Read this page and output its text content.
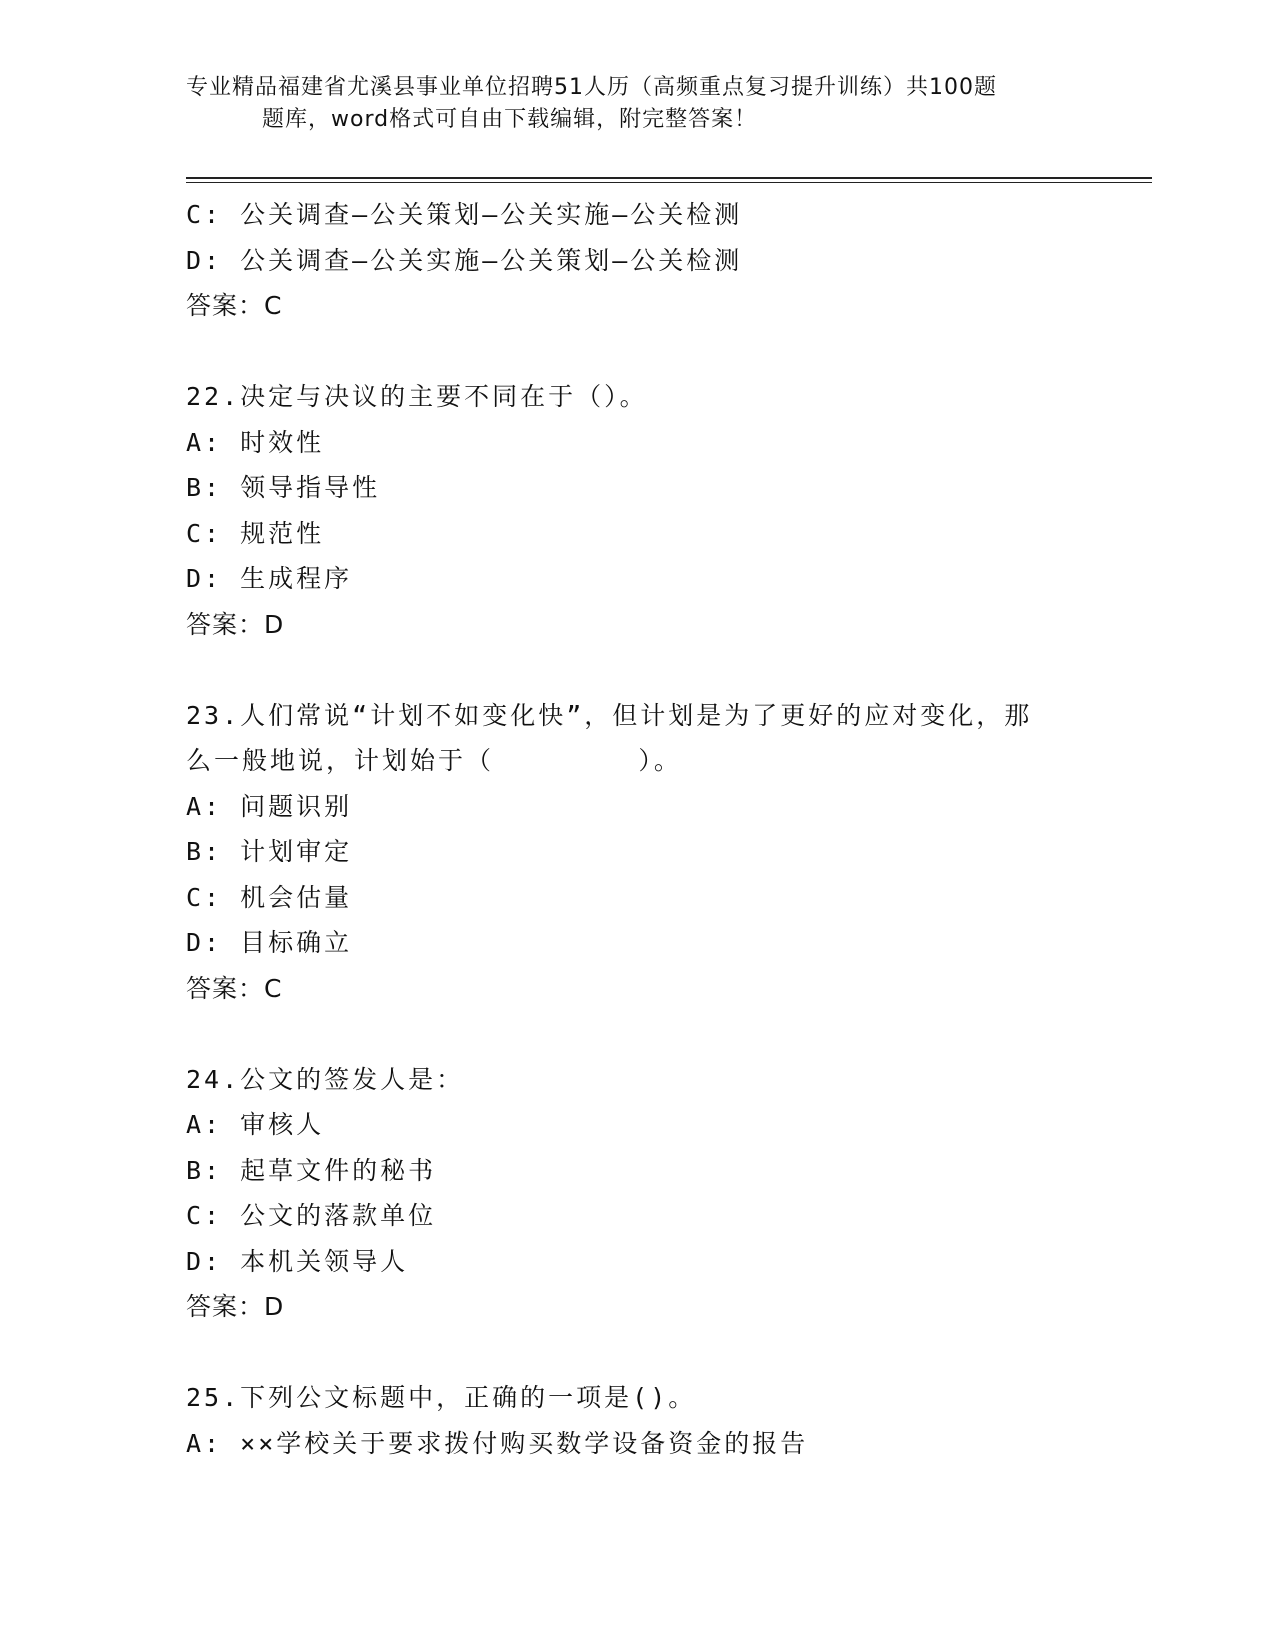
专业精品福建省尤溪县事业单位招聘51人历（高频重点复习提升训练）共100题
题库，word格式可自由下载编辑，附完整答案！
C: 公关调查—公关策划—公关实施—公关检测
D: 公关调查—公关实施—公关策划—公关检测
答案：C
22.决定与决议的主要不同在于（）。
A: 时效性
B: 领导指导性
C: 规范性
D: 生成程序
答案：D
23.人们常说“计划不如变化快”，但计划是为了更好的应对变化，那
么一般地说，计划始于（        ）。
A: 问题识别
B: 计划审定
C: 机会估量
D: 目标确立
答案：C
24.公文的签发人是：
A: 审核人
B: 起草文件的秘书
C: 公文的落款单位
D: 本机关领导人
答案：D
25.下列公文标题中，正确的一项是()。
A: ××学校关于要求拨付购买数学设备资金的报告
